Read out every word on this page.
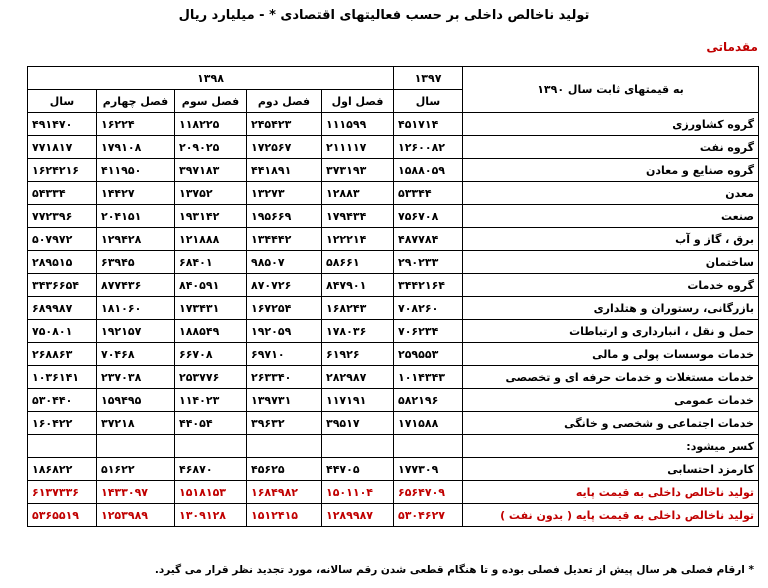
تولید ناخالص داخلی بر حسب فعالیتهای اقتصادی * - میلیارد ریال
مقدماتی
۱۳۹۸					۱۳۹۷	به قیمتهای ثابت سال ۱۳۹۰
سال	فصل چهارم	فصل سوم	فصل دوم	فصل اول	سال	
۴۹۱۴۷۰	۱۶۲۲۴	۱۱۸۲۲۵	۲۴۵۴۲۳	۱۱۱۵۹۹	۴۵۱۷۱۴	گروه کشاورزی
۷۷۱۸۱۷	۱۷۹۱۰۸	۲۰۹۰۲۵	۱۷۲۵۶۷	۲۱۱۱۱۷	۱۲۶۰۰۸۲	گروه نفت
۱۶۲۴۲۱۶	۴۱۱۹۵۰	۳۹۷۱۸۳	۴۴۱۸۹۱	۳۷۳۱۹۳	۱۵۸۸۰۵۹	گروه صنایع و معادن
۵۴۳۳۴	۱۴۴۲۷	۱۳۷۵۲	۱۳۲۷۳	۱۲۸۸۳	۵۳۳۴۴	معدن
۷۷۲۳۹۶	۲۰۴۱۵۱	۱۹۳۱۴۲	۱۹۵۶۶۹	۱۷۹۴۳۴	۷۵۶۷۰۸	صنعت
۵۰۷۹۷۲	۱۲۹۴۲۸	۱۲۱۸۸۸	۱۳۴۴۴۲	۱۲۲۲۱۴	۴۸۷۷۸۴	برق ، گاز و آب
۲۸۹۵۱۵	۶۳۹۴۵	۶۸۴۰۱	۹۸۵۰۷	۵۸۶۶۱	۲۹۰۲۳۳	ساختمان
۳۴۳۶۶۵۴	۸۷۷۴۳۶	۸۴۰۵۹۱	۸۷۰۷۲۶	۸۴۷۹۰۱	۳۴۴۲۱۶۴	گروه خدمات
۶۸۹۹۸۷	۱۸۱۰۶۰	۱۷۳۴۳۱	۱۶۷۲۵۴	۱۶۸۲۴۳	۷۰۸۲۶۰	بازرگانی، رستوران و هتلداری
۷۵۰۸۰۱	۱۹۲۱۵۷	۱۸۸۵۴۹	۱۹۲۰۵۹	۱۷۸۰۳۶	۷۰۶۲۳۴	حمل و نقل ، انبارداری و ارتباطات
۲۶۸۸۶۳	۷۰۴۶۸	۶۶۷۰۸	۶۹۷۱۰	۶۱۹۲۶	۲۵۹۵۵۳	خدمات موسسات پولی و مالی
۱۰۳۶۱۴۱	۲۳۷۰۳۸	۲۵۳۷۷۶	۲۶۳۳۴۰	۲۸۲۹۸۷	۱۰۱۴۳۴۳	خدمات مستغلات و خدمات حرفه ای و تخصصی
۵۳۰۴۴۰	۱۵۹۴۹۵	۱۱۴۰۲۳	۱۳۹۷۳۱	۱۱۷۱۹۱	۵۸۲۱۹۶	خدمات عمومی
۱۶۰۴۲۲	۳۷۲۱۸	۴۴۰۵۴	۳۹۶۳۲	۳۹۵۱۷	۱۷۱۵۸۸	خدمات اجتماعی و شخصی و خانگی
						کسر میشود:
۱۸۶۸۲۲	۵۱۶۲۲	۴۶۸۷۰	۴۵۶۲۵	۴۴۷۰۵	۱۷۷۳۰۹	کارمزد احتسابی
۶۱۳۷۳۳۶	۱۴۳۳۰۹۷	۱۵۱۸۱۵۳	۱۶۸۴۹۸۲	۱۵۰۱۱۰۴	۶۵۶۴۷۰۹	تولید ناخالص داخلی به قیمت پایه
۵۳۶۵۵۱۹	۱۲۵۳۹۸۹	۱۳۰۹۱۲۸	۱۵۱۲۴۱۵	۱۲۸۹۹۸۷	۵۳۰۴۶۲۷	تولید ناخالص داخلی به قیمت پایه ( بدون نفت )
* ارقام فصلی هر سال پیش از تعدیل فصلی بوده و تا هنگام قطعی شدن رقم سالانه، مورد تجدید نظر قرار می گیرد.
